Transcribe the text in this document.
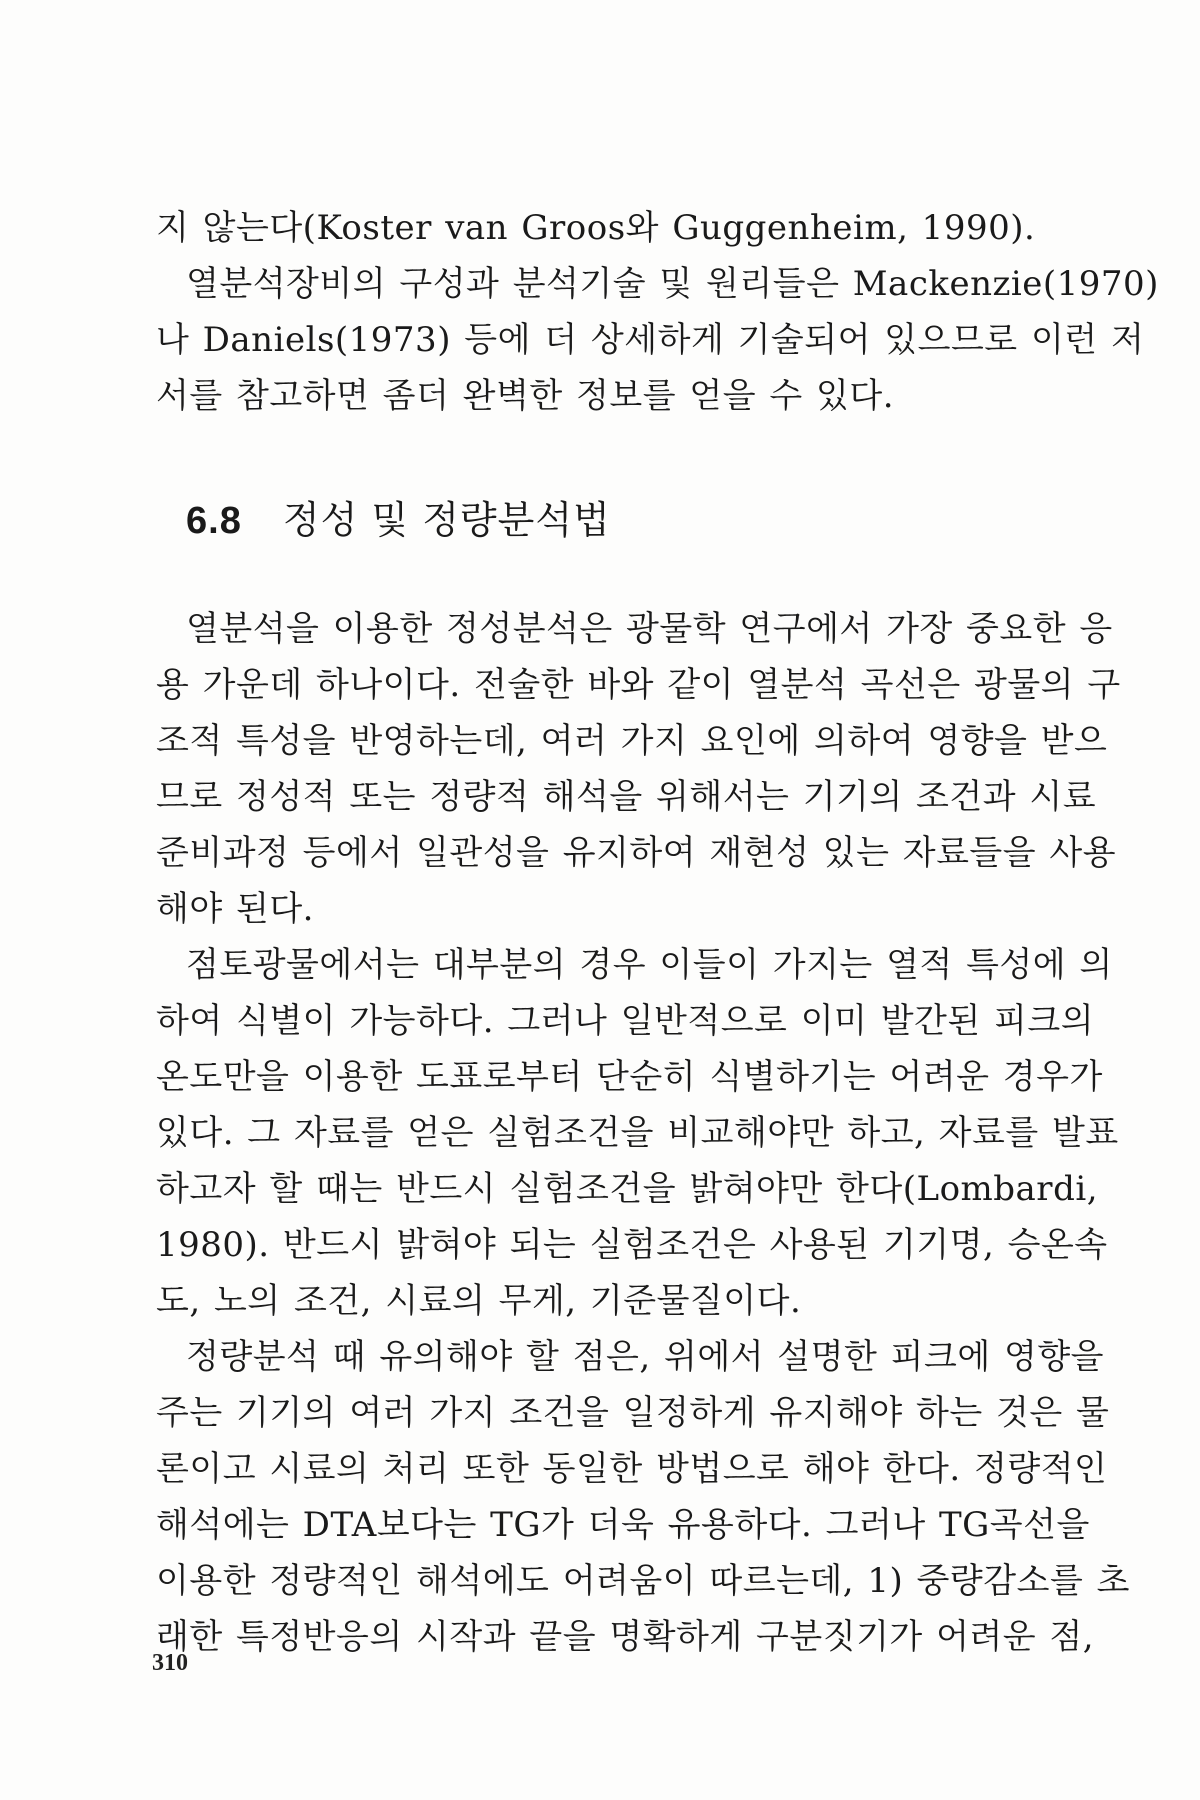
지 않는다(Koster van Groos와 Guggenheim, 1990).
열분석장비의 구성과 분석기술 및 원리들은 Mackenzie(1970)
나 Daniels(1973) 등에 더 상세하게 기술되어 있으므로 이런 저
서를 참고하면 좀더 완벽한 정보를 얻을 수 있다.

6.8 정성 및 정량분석법

열분석을 이용한 정성분석은 광물학 연구에서 가장 중요한 응
용 가운데 하나이다. 전술한 바와 같이 열분석 곡선은 광물의 구
조적 특성을 반영하는데, 여러 가지 요인에 의하여 영향을 받으
므로 정성적 또는 정량적 해석을 위해서는 기기의 조건과 시료
준비과정 등에서 일관성을 유지하여 재현성 있는 자료들을 사용
해야 된다.

점토광물에서는 대부분의 경우 이들이 가지는 열적 특성에 의
하여 식별이 가능하다. 그러나 일반적으로 이미 발간된 피크의
온도만을 이용한 도표로부터 단순히 식별하기는 어려운 경우가
있다. 그 자료를 얻은 실험조건을 비교해야만 하고, 자료를 발표
하고자 할 때는 반드시 실험조건을 밝혀야만 한다(Lombardi,
1980). 반드시 밝혀야 되는 실험조건은 사용된 기기명, 승온속
도, 노의 조건, 시료의 무게, 기준물질이다.

정량분석 때 유의해야 할 점은, 위에서 설명한 피크에 영향을
주는 기기의 여러 가지 조건을 일정하게 유지해야 하는 것은 물
론이고 시료의 처리 또한 동일한 방법으로 해야 한다. 정량적인
해석에는 DTA보다는 TG가 더욱 유용하다. 그러나 TG곡선을
이용한 정량적인 해석에도 어려움이 따르는데, 1) 중량감소를 초
래한 특정반응의 시작과 끝을 명확하게 구분짓기가 어려운 점,

310
